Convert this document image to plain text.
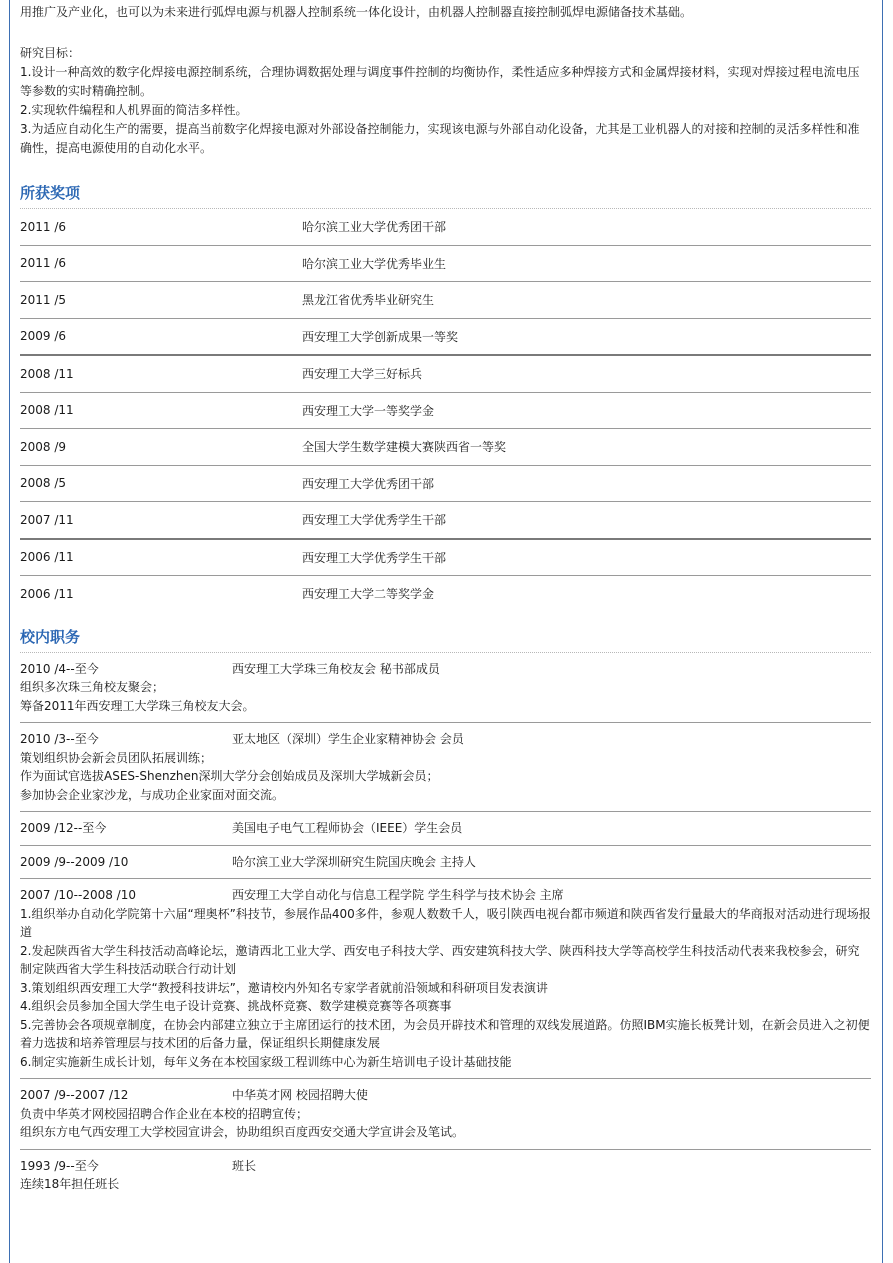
用推广及产业化，也可以为未来进行弧焊电源与机器人控制系统一体化设计，由机器人控制器直接控制弧焊电源储备技术基础。
研究目标：
1.设计一种高效的数字化焊接电源控制系统，合理协调数据处理与调度事件控制的均衡协作，柔性适应多种焊接方式和金属焊接材料，实现对焊接过程电流电压等参数的实时精确控制。
2.实现软件编程和人机界面的简洁多样性。
3.为适应自动化生产的需要，提高当前数字化焊接电源对外部设备控制能力，实现该电源与外部自动化设备，尤其是工业机器人的对接和控制的灵活多样性和准确性，提高电源使用的自动化水平。
所获奖项
2011 /6	哈尔滨工业大学优秀团干部
2011 /6	哈尔滨工业大学优秀毕业生
2011 /5	黑龙江省优秀毕业研究生
2009 /6	西安理工大学创新成果一等奖
2008 /11	西安理工大学三好标兵
2008 /11	西安理工大学一等奖学金
2008 /9	全国大学生数学建模大赛陕西省一等奖
2008 /5	西安理工大学优秀团干部
2007 /11	西安理工大学优秀学生干部
2006 /11	西安理工大学优秀学生干部
2006 /11	西安理工大学二等奖学金
校内职务
2010 /4--至今	西安理工大学珠三角校友会 秘书部成员
组织多次珠三角校友聚会；
筹备2011年西安理工大学珠三角校友大会。
2010 /3--至今	亚太地区（深圳）学生企业家精神协会 会员
策划组织协会新会员团队拓展训练；
作为面试官选拔ASES-Shenzhen深圳大学分会创始成员及深圳大学城新会员；
参加协会企业家沙龙，与成功企业家面对面交流。
2009 /12--至今	美国电子电气工程师协会（IEEE）学生会员
2009 /9--2009 /10	哈尔滨工业大学深圳研究生院国庆晚会 主持人
2007 /10--2008 /10	西安理工大学自动化与信息工程学院 学生科学与技术协会 主席
1.组织举办自动化学院第十六届“理奥杯”科技节，参展作品400多件，参观人数数千人，吸引陕西电视台都市频道和陕西省发行量最大的华商报对活动进行现场报道
2.发起陕西省大学生科技活动高峰论坛，邀请西北工业大学、西安电子科技大学、西安建筑科技大学、陕西科技大学等高校学生科技活动代表来我校参会，研究制定陕西省大学生科技活动联合行动计划
3.策划组织西安理工大学“教授科技讲坛”，邀请校内外知名专家学者就前沿领域和科研项目发表演讲
4.组织会员参加全国大学生电子设计竞赛、挑战杯竞赛、数学建模竞赛等各项赛事
5.完善协会各项规章制度，在协会内部建立独立于主席团运行的技术团，为会员开辟技术和管理的双线发展道路。仿照IBM实施长板凳计划，在新会员进入之初便着力选拔和培养管理层与技术团的后备力量，保证组织长期健康发展
6.制定实施新生成长计划，每年义务在本校国家级工程训练中心为新生培训电子设计基础技能
2007 /9--2007 /12	中华英才网 校园招聘大使
负责中华英才网校园招聘合作企业在本校的招聘宣传；
组织东方电气西安理工大学校园宣讲会，协助组织百度西安交通大学宣讲会及笔试。
1993 /9--至今	班长
连续18年担任班长
